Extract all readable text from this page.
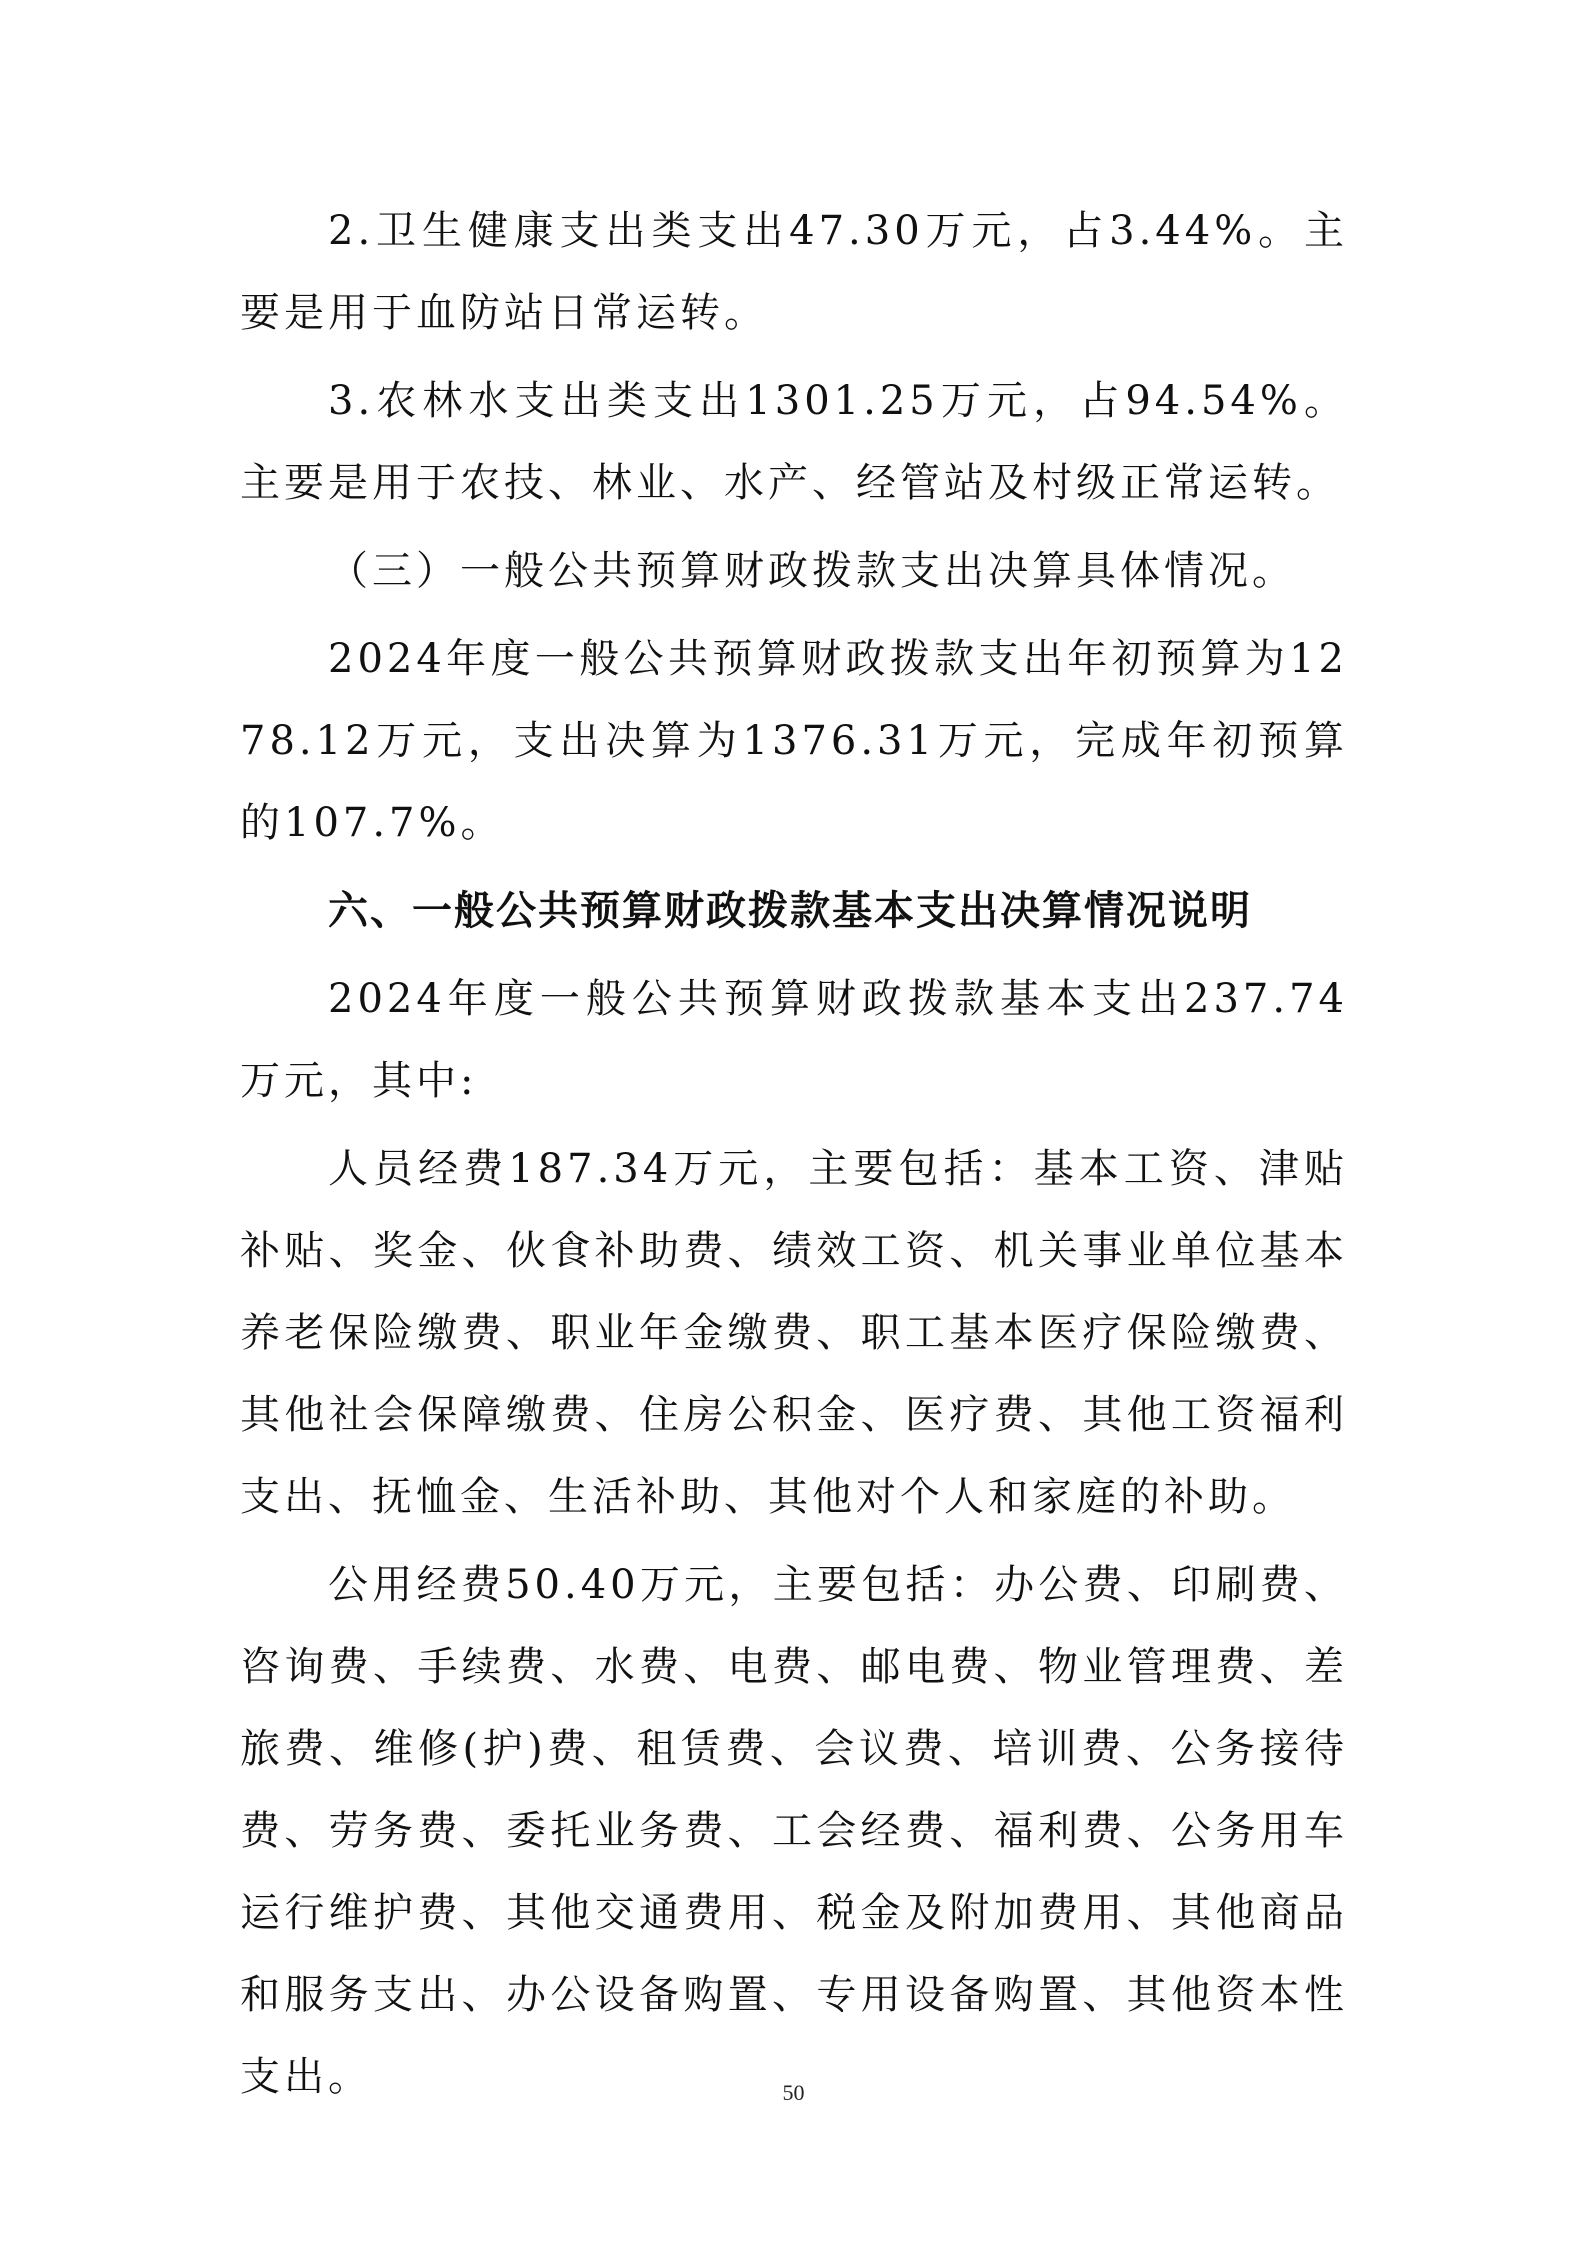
2.卫生健康支出类支出47.30万元，占3.44%。主要是用于血防站日常运转。

3.农林水支出类支出1301.25万元，占94.54%。主要是用于农技、林业、水产、经管站及村级正常运转。

（三）一般公共预算财政拨款支出决算具体情况。

2024年度一般公共预算财政拨款支出年初预算为1278.12万元，支出决算为1376.31万元，完成年初预算的107.7%。

六、一般公共预算财政拨款基本支出决算情况说明

2024年度一般公共预算财政拨款基本支出237.74万元，其中:

人员经费187.34万元，主要包括：基本工资、津贴补贴、奖金、伙食补助费、绩效工资、机关事业单位基本养老保险缴费、职业年金缴费、职工基本医疗保险缴费、其他社会保障缴费、住房公积金、医疗费、其他工资福利支出、抚恤金、生活补助、其他对个人和家庭的补助。

公用经费50.40万元，主要包括：办公费、印刷费、咨询费、手续费、水费、电费、邮电费、物业管理费、差旅费、维修(护)费、租赁费、会议费、培训费、公务接待费、劳务费、委托业务费、工会经费、福利费、公务用车运行维护费、其他交通费用、税金及附加费用、其他商品和服务支出、办公设备购置、专用设备购置、其他资本性支出。	50
